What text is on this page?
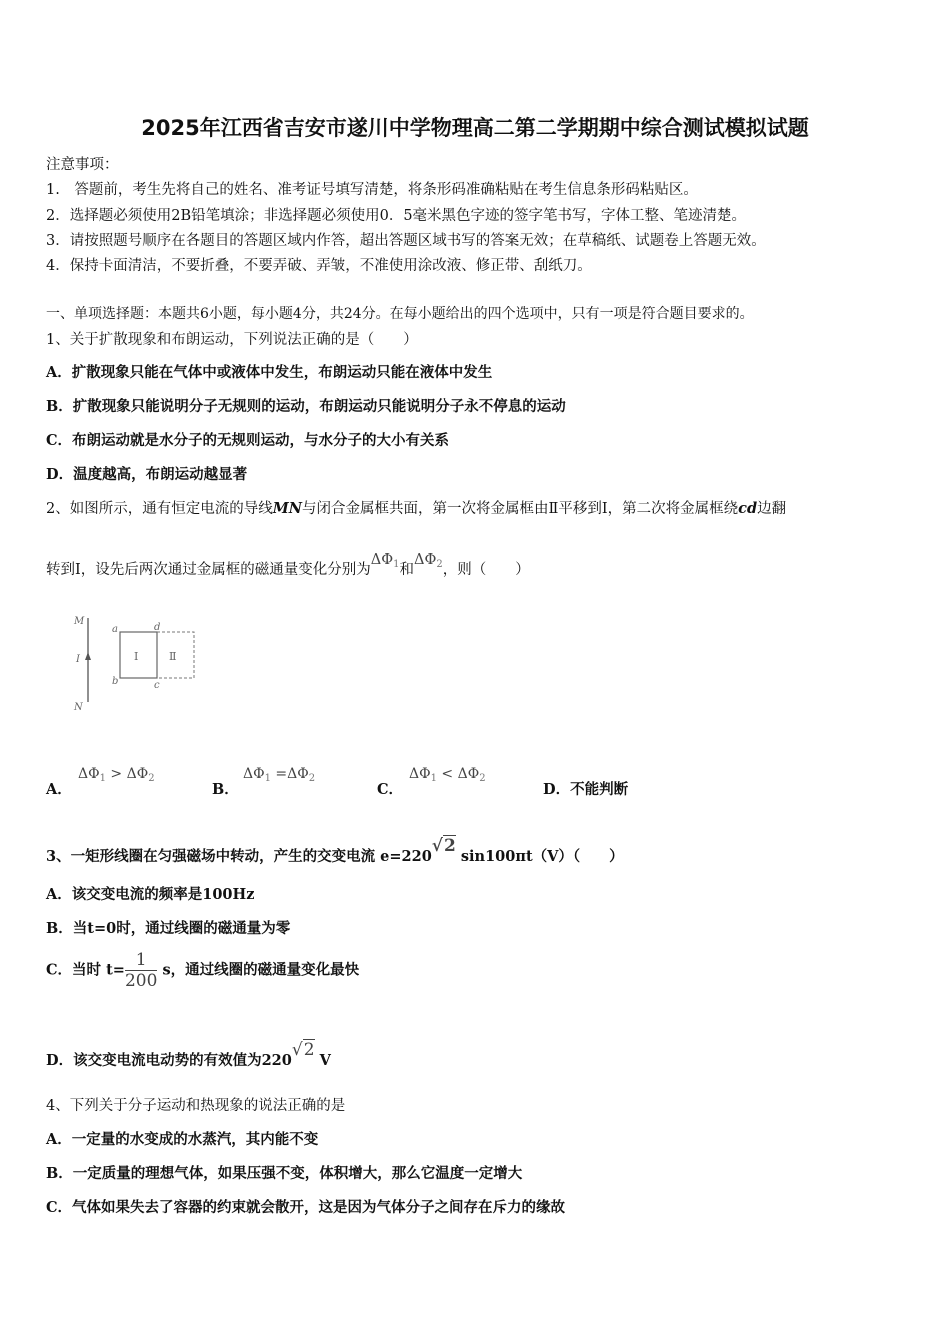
2025年江西省吉安市遂川中学物理高二第二学期期中综合测试模拟试题
注意事项：
1.　答题前，考生先将自己的姓名、准考证号填写清楚，将条形码准确粘贴在考生信息条形码粘贴区。
2．选择题必须使用2B铅笔填涂；非选择题必须使用0．5毫米黑色字迹的签字笔书写，字体工整、笔迹清楚。
3．请按照题号顺序在各题目的答题区域内作答，超出答题区域书写的答案无效；在草稿纸、试题卷上答题无效。
4．保持卡面清洁，不要折叠，不要弄破、弄皱，不准使用涂改液、修正带、刮纸刀。
一、单项选择题：本题共6小题，每小题4分，共24分。在每小题给出的四个选项中，只有一项是符合题目要求的。
1、关于扩散现象和布朗运动，下列说法正确的是（　　）
A．扩散现象只能在气体中或液体中发生，布朗运动只能在液体中发生
B．扩散现象只能说明分子无规则的运动，布朗运动只能说明分子永不停息的运动
C．布朗运动就是水分子的无规则运动，与水分子的大小有关系
D．温度越高，布朗运动越显著
2、如图所示，通有恒定电流的导线MN与闭合金属框共面，第一次将金属框由Ⅱ平移到Ⅰ，第二次将金属框绕cd边翻
转到Ⅰ，设先后两次通过金属框的磁通量变化分别为$\Delta\Phi_1$和$\Delta\Phi_2$，则（　　）
M
I
N
a	d
b	c
Ⅰ	Ⅱ
A．
$\Delta\Phi_1 > \Delta\Phi_2$
B．
$\Delta\Phi_1 =\Delta\Phi_2$
C．
$\Delta\Phi_1 < \Delta\Phi_2$
D．不能判断
3、一矩形线圈在匀强磁场中转动，产生的交变电流 e=220√2 sin100πt（V）（　　）
A．该交变电流的频率是100Hz
B．当t=0时，通过线圈的磁通量为零
C．当时 $t= \frac{1}{200}$ s，通过线圈的磁通量变化最快
D．该交变电流电动势的有效值为220√2 V
4、下列关于分子运动和热现象的说法正确的是
A．一定量的水变成的水蒸汽，其内能不变
B．一定质量的理想气体，如果压强不变，体积增大，那么它温度一定增大
C．气体如果失去了容器的约束就会散开，这是因为气体分子之间存在斥力的缘故
